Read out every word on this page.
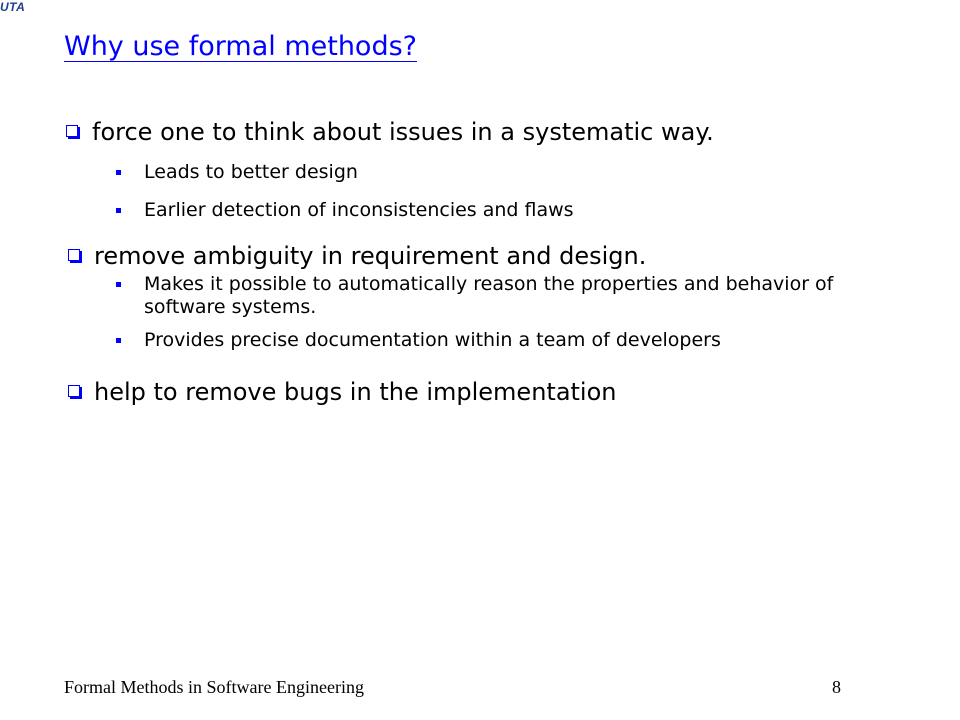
UTA
Why use formal methods?
force one to think about issues in a systematic way.
Leads to better design
Earlier detection of inconsistencies and flaws
remove ambiguity in requirement and design.
Makes it possible to automatically reason the properties and behavior of software systems.
Provides precise documentation within a team of developers
help to remove bugs in the implementation
Formal Methods in Software Engineering	8
